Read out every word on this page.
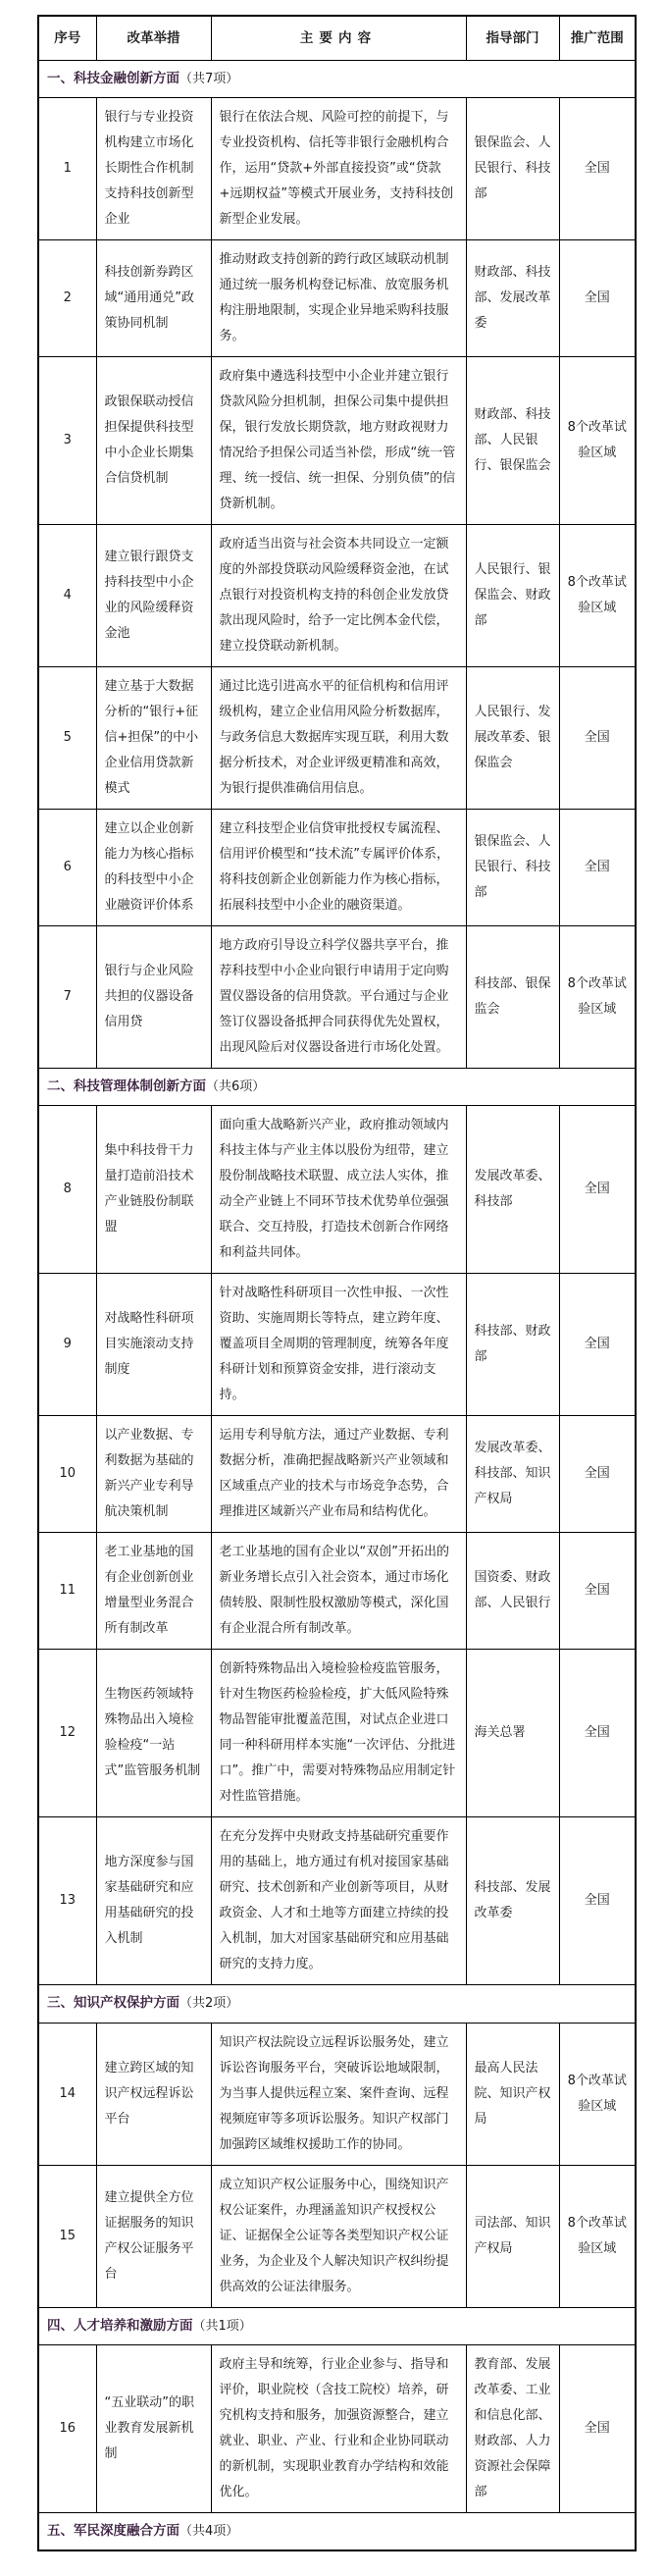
序号	改革举措	主要内容	指导部门	推广范围
一、科技金融创新方面（共7项）				
1	银行与专业投资机构建立市场化长期性合作机制支持科技创新型企业	银行在依法合规、风险可控的前提下，与专业投资机构、信托等非银行金融机构合作，运用“贷款+外部直接投资”或“贷款+远期权益”等模式开展业务，支持科技创新型企业发展。	银保监会、人民银行、科技部	全国
2	科技创新券跨区域“通用通兑”政策协同机制	推动财政支持创新的跨行政区域联动机制通过统一服务机构登记标准、放宽服务机构注册地限制，实现企业异地采购科技服务。	财政部、科技部、发展改革委	全国
3	政银保联动授信担保提供科技型中小企业长期集合信贷机制	政府集中遴选科技型中小企业并建立银行贷款风险分担机制，担保公司集中提供担保，银行发放长期贷款，地方财政视财力情况给予担保公司适当补偿，形成“统一管理、统一授信、统一担保、分别负债”的信贷新机制。	财政部、科技部、人民银行、银保监会	8个改革试验区域
4	建立银行跟贷支持科技型中小企业的风险缓释资金池	政府适当出资与社会资本共同设立一定额度的外部投贷联动风险缓释资金池，在试点银行对投资机构支持的科创企业发放贷款出现风险时，给予一定比例本金代偿，建立投贷联动新机制。	人民银行、银保监会、财政部	8个改革试验区域
5	建立基于大数据分析的“银行+征信+担保”的中小企业信用贷款新模式	通过比选引进高水平的征信机构和信用评级机构，建立企业信用风险分析数据库，与政务信息大数据库实现互联，利用大数据分析技术，对企业评级更精准和高效，为银行提供准确信用信息。	人民银行、发展改革委、银保监会	全国
6	建立以企业创新能力为核心指标的科技型中小企业融资评价体系	建立科技型企业信贷审批授权专属流程、信用评价模型和“技术流”专属评价体系，将科技创新企业创新能力作为核心指标，拓展科技型中小企业的融资渠道。	银保监会、人民银行、科技部	全国
7	银行与企业风险共担的仪器设备信用贷	地方政府引导设立科学仪器共享平台，推荐科技型中小企业向银行申请用于定向购置仪器设备的信用贷款。平台通过与企业签订仪器设备抵押合同获得优先处置权，出现风险后对仪器设备进行市场化处置。	科技部、银保监会	8个改革试验区域
二、科技管理体制创新方面（共6项）				
8	集中科技骨干力量打造前沿技术产业链股份制联盟	面向重大战略新兴产业，政府推动领域内科技主体与产业主体以股份为纽带，建立股份制战略技术联盟、成立法人实体，推动全产业链上不同环节技术优势单位强强联合、交互持股，打造技术创新合作网络和利益共同体。	发展改革委、科技部	全国
9	对战略性科研项目实施滚动支持制度	针对战略性科研项目一次性申报、一次性资助、实施周期长等特点，建立跨年度、覆盖项目全周期的管理制度，统筹各年度科研计划和预算资金安排，进行滚动支持。	科技部、财政部	全国
10	以产业数据、专利数据为基础的新兴产业专利导航决策机制	运用专利导航方法，通过产业数据、专利数据分析，准确把握战略新兴产业领域和区域重点产业的技术与市场竞争态势，合理推进区域新兴产业布局和结构优化。	发展改革委、科技部、知识产权局	全国
11	老工业基地的国有企业创新创业增量型业务混合所有制改革	老工业基地的国有企业以“双创”开拓出的新业务增长点引入社会资本，通过市场化债转股、限制性股权激励等模式，深化国有企业混合所有制改革。	国资委、财政部、人民银行	全国
12	生物医药领域特殊物品出入境检验检疫“一站式”监管服务机制	创新特殊物品出入境检验检疫监管服务，针对生物医药检验检疫，扩大低风险特殊物品智能审批覆盖范围，对试点企业进口同一种科研用样本实施“一次评估、分批进口”。推广中，需要对特殊物品应用制定针对性监管措施。	海关总署	全国
13	地方深度参与国家基础研究和应用基础研究的投入机制	在充分发挥中央财政支持基础研究重要作用的基础上，地方通过有机对接国家基础研究、技术创新和产业创新等项目，从财政资金、人才和土地等方面建立持续的投入机制，加大对国家基础研究和应用基础研究的支持力度。	科技部、发展改革委	全国
三、知识产权保护方面（共2项）				
14	建立跨区域的知识产权远程诉讼平台	知识产权法院设立远程诉讼服务处，建立诉讼咨询服务平台，突破诉讼地域限制，为当事人提供远程立案、案件查询、远程视频庭审等多项诉讼服务。知识产权部门加强跨区域维权援助工作的协同。	最高人民法院、知识产权局	8个改革试验区域
15	建立提供全方位证据服务的知识产权公证服务平台	成立知识产权公证服务中心，围绕知识产权公证案件，办理涵盖知识产权授权公证、证据保全公证等各类型知识产权公证业务，为企业及个人解决知识产权纠纷提供高效的公证法律服务。	司法部、知识产权局	8个改革试验区域
四、人才培养和激励方面（共1项）				
16	“五业联动”的职业教育发展新机制	政府主导和统筹，行业企业参与、指导和评价，职业院校（含技工院校）培养，研究机构支持和服务，加强资源整合，建立就业、职业、产业、行业和企业协同联动的新机制，实现职业教育办学结构和效能优化。	教育部、发展改革委、工业和信息化部、财政部、人力资源社会保障部	全国
五、军民深度融合方面（共4项）				
